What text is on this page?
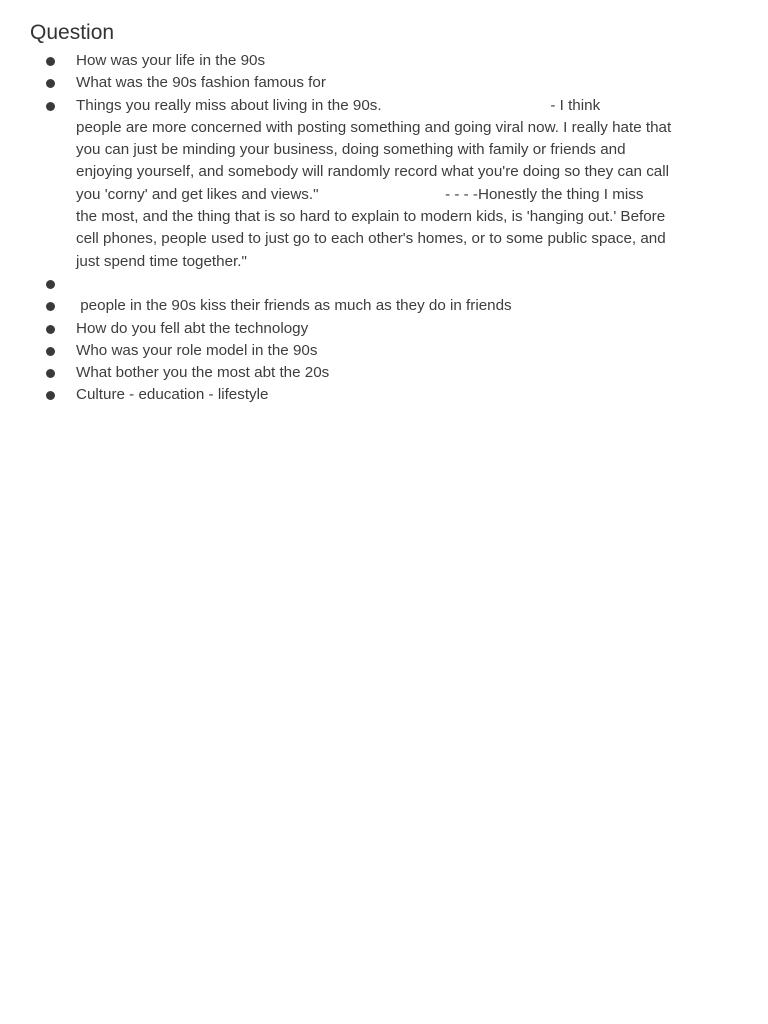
Question
How was your life in the 90s
What was the 90s fashion famous for
Things you really miss about living in the 90s.                                        - I think
people are more concerned with posting something and going viral now. I really hate that
you can just be minding your business, doing something with family or friends and
enjoying yourself, and somebody will randomly record what you're doing so they can call
you 'corny' and get likes and views."                              - - - -Honestly the thing I miss
the most, and the thing that is so hard to explain to modern kids, is 'hanging out.' Before
cell phones, people used to just go to each other's homes, or to some public space, and
just spend time together."
people in the 90s kiss their friends as much as they do in friends
How do you fell abt the technology
Who was your role model in the 90s
What bother you the most abt the 20s
Culture - education - lifestyle
